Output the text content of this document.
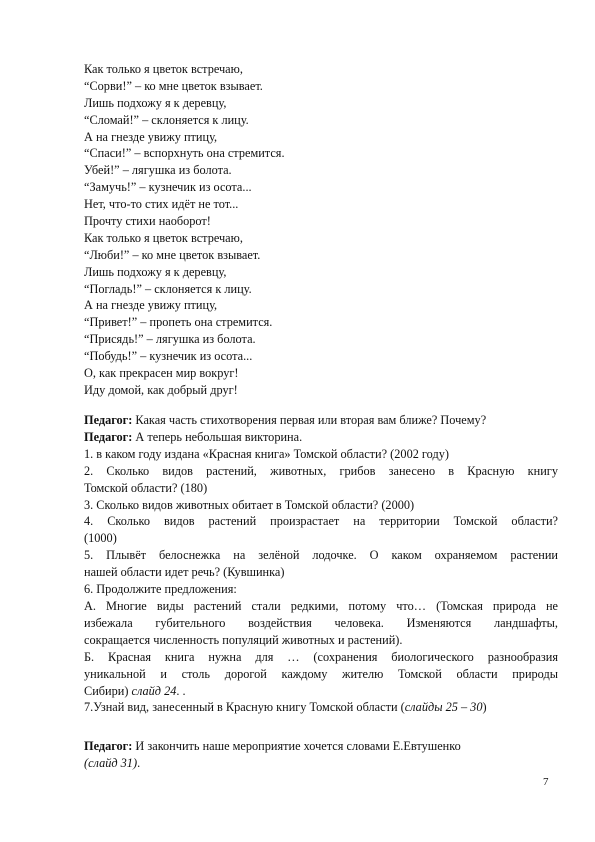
Как только я цветок встречаю,
“Сорви!” – ко мне цветок взывает.
Лишь подхожу я к деревцу,
“Сломай!” – склоняется к лицу.
А на гнезде увижу птицу,
“Спаси!” – вспорхнуть она стремится.
Убей!” – лягушка из болота.
“Замучь!” – кузнечик из осота...
Нет, что-то стих идёт не тот...
Прочту стихи наоборот!
Как только я цветок встречаю,
“Люби!” – ко мне цветок взывает.
Лишь подхожу я к деревцу,
“Погладь!” – склоняется к лицу.
А на гнезде увижу птицу,
“Привет!” – пропеть она стремится.
“Присядь!” – лягушка из болота.
“Побудь!” – кузнечик из осота...
О, как прекрасен мир вокруг!
Иду домой, как добрый друг!
Педагог: Какая часть стихотворения первая или вторая вам ближе? Почему?
Педагог: А теперь небольшая викторина.
1. в каком году издана «Красная книга» Томской области? (2002 году)
2. Сколько видов растений, животных, грибов занесено в Красную книгу
Томской области? (180)
3. Сколько видов животных обитает в Томской области? (2000)
4. Сколько видов растений произрастает на территории Томской области?
(1000)
5. Плывёт белоснежка на зелёной лодочке. О каком охраняемом растении
нашей области идет речь? (Кувшинка)
6. Продолжите предложения:
А. Многие виды растений стали редкими, потому что… (Томская природа не
избежала губительного воздействия человека. Изменяются ландшафты,
сокращается численность популяций животных и растений).
Б. Красная книга нужна для … (сохранения биологического разнообразия
уникальной и столь дорогой каждому жителю Томской области природы
Сибири) слайд 24. .
7.Узнай вид, занесенный в Красную книгу Томской области (слайды 25 – 30)
Педагог: И закончить наше мероприятие хочется словами Е.Евтушенко
(слайд 31).
7
